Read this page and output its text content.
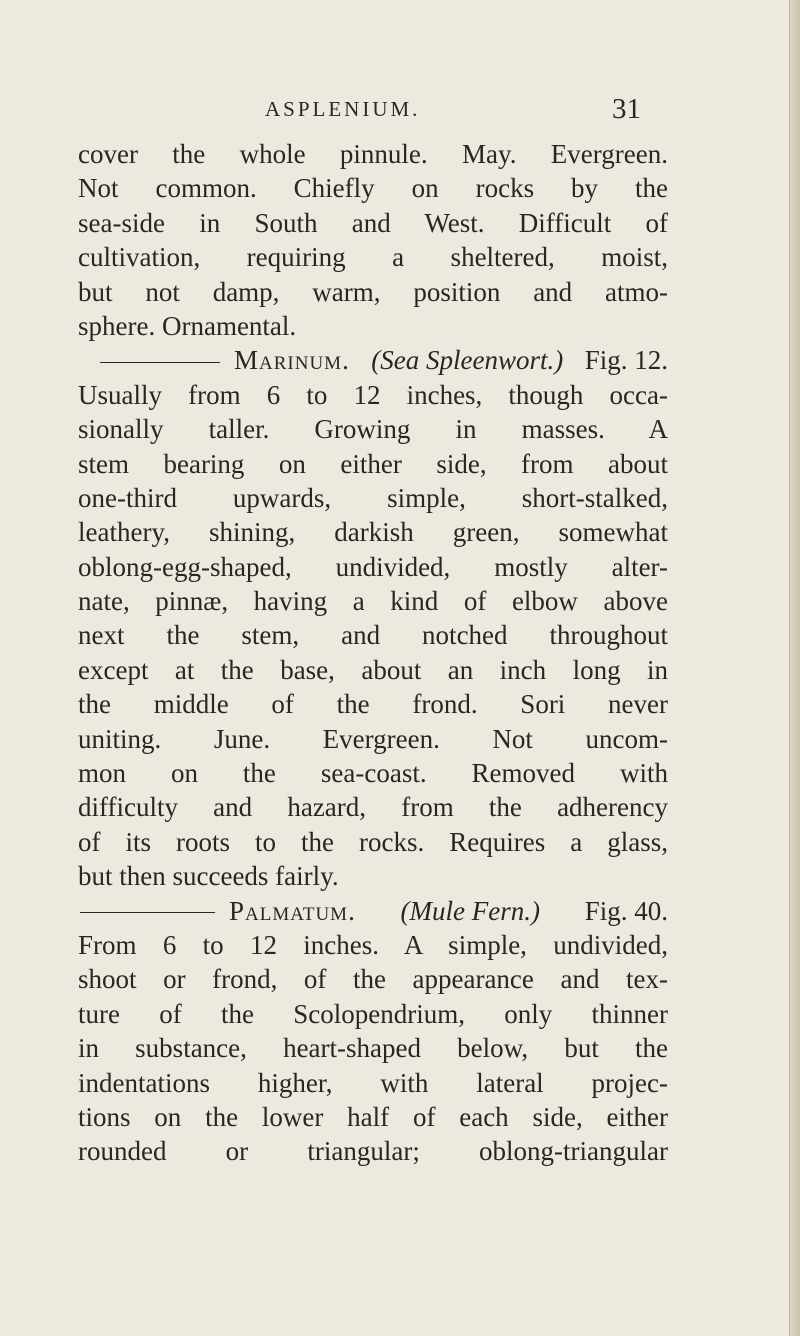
ASPLENIUM.	31
cover the whole pinnule. May. Evergreen.
Not common. Chiefly on rocks by the
sea-side in South and West. Difficult of
cultivation, requiring a sheltered, moist,
but not damp, warm, position and atmo-
sphere. Ornamental.
Marinum. (Sea Spleenwort.) Fig. 12.
Usually from 6 to 12 inches, though occa-
sionally taller. Growing in masses. A
stem bearing on either side, from about
one-third upwards, simple, short-stalked,
leathery, shining, darkish green, somewhat
oblong-egg-shaped, undivided, mostly alter-
nate, pinnæ, having a kind of elbow above
next the stem, and notched throughout
except at the base, about an inch long in
the middle of the frond. Sori never
uniting. June. Evergreen. Not uncom-
mon on the sea-coast. Removed with
difficulty and hazard, from the adherency
of its roots to the rocks. Requires a glass,
but then succeeds fairly.
Palmatum. (Mule Fern.) Fig. 40.
From 6 to 12 inches. A simple, undivided,
shoot or frond, of the appearance and tex-
ture of the Scolopendrium, only thinner
in substance, heart-shaped below, but the
indentations higher, with lateral projec-
tions on the lower half of each side, either
rounded or triangular; oblong-triangular
